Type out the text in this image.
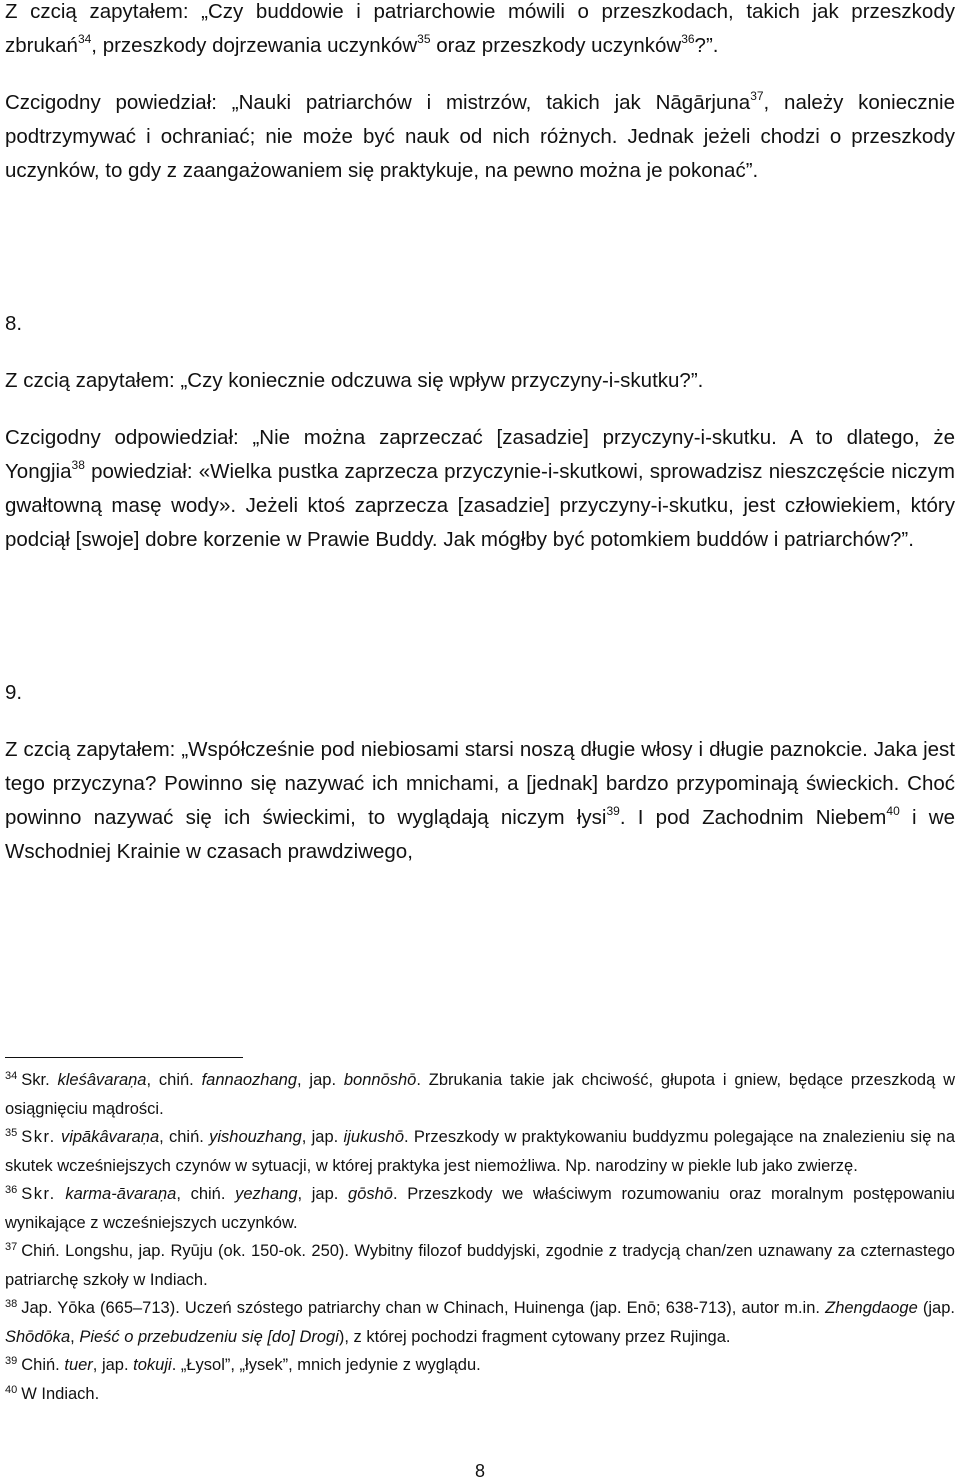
Z czcią zapytałem: „Czy buddowie i patriarchowie mówili o przeszkodach, takich jak przeszkody zbrukań$^{34}$, przeszkody dojrzewania uczynków$^{35}$ oraz przeszkody uczynków$^{36}$?”.

Czcigodny powiedział: „Nauki patriarchów i mistrzów, takich jak Nāgārjuna$^{37}$, należy koniecznie podtrzymywać i ochraniać; nie może być nauk od nich różnych. Jednak jeżeli chodzi o przeszkody uczynków, to gdy z zaangażowaniem się praktykuje, na pewno można je pokonać”.

8.

Z czcią zapytałem: „Czy koniecznie odczuwa się wpływ przyczyny-i-skutku?”.

Czcigodny odpowiedział: „Nie można zaprzeczać [zasadzie] przyczyny-i-skutku. A to dlatego, że Yongjia$^{38}$ powiedział: «Wielka pustka zaprzecza przyczynie-i-skutkowi, sprowadzisz nieszczęście niczym gwałtowną masę wody». Jeżeli ktoś zaprzecza [zasadzie] przyczyny-i-skutku, jest człowiekiem, który podciął [swoje] dobre korzenie w Prawie Buddy. Jak mógłby być potomkiem buddów i patriarchów?”.

9.

Z czcią zapytałem: „Współcześnie pod niebiosami starsi noszą długie włosy i długie paznokcie. Jaka jest tego przyczyna? Powinno się nazywać ich mnichami, a [jednak] bardzo przypominają świeckich. Choć powinno nazywać się ich świeckimi, to wyglądają niczym łysi$^{39}$. I pod Zachodnim Niebem$^{40}$ i we Wschodniej Krainie w czasach prawdziwego,

$^{34}$ Skr. kleśâvaraṇa, chiń. fannaozhang, jap. bonnōshō. Zbrukania takie jak chciwość, głupota i gniew, będące przeszkodą w osiągnięciu mądrości.

$^{35}$ Skr. vipākâvaraṇa, chiń. yishouzhang, jap. ijukushō. Przeszkody w praktykowaniu buddyzmu polegające na znalezieniu się na skutek wcześniejszych czynów w sytuacji, w której praktyka jest niemożliwa. Np. narodziny w piekle lub jako zwierzę.

$^{36}$ Skr. karma-āvaraṇa, chiń. yezhang, jap. gōshō. Przeszkody we właściwym rozumowaniu oraz moralnym postępowaniu wynikające z wcześniejszych uczynków.

$^{37}$ Chiń. Longshu, jap. Ryūju (ok. 150-ok. 250). Wybitny filozof buddyjski, zgodnie z tradycją chan/zen uznawany za czternastego patriarchę szkoły w Indiach.

$^{38}$ Jap. Yōka (665–713). Uczeń szóstego patriarchy chan w Chinach, Huinenga (jap. Enō; 638-713), autor m.in. Zhengdaoge (jap. Shōdōka, Pieść o przebudzeniu się [do] Drogi), z której pochodzi fragment cytowany przez Rujinga.

$^{39}$ Chiń. tuer, jap. tokuji. „Łysol”, „łysek”, mnich jedynie z wyglądu.

$^{40}$ W Indiach.

8
